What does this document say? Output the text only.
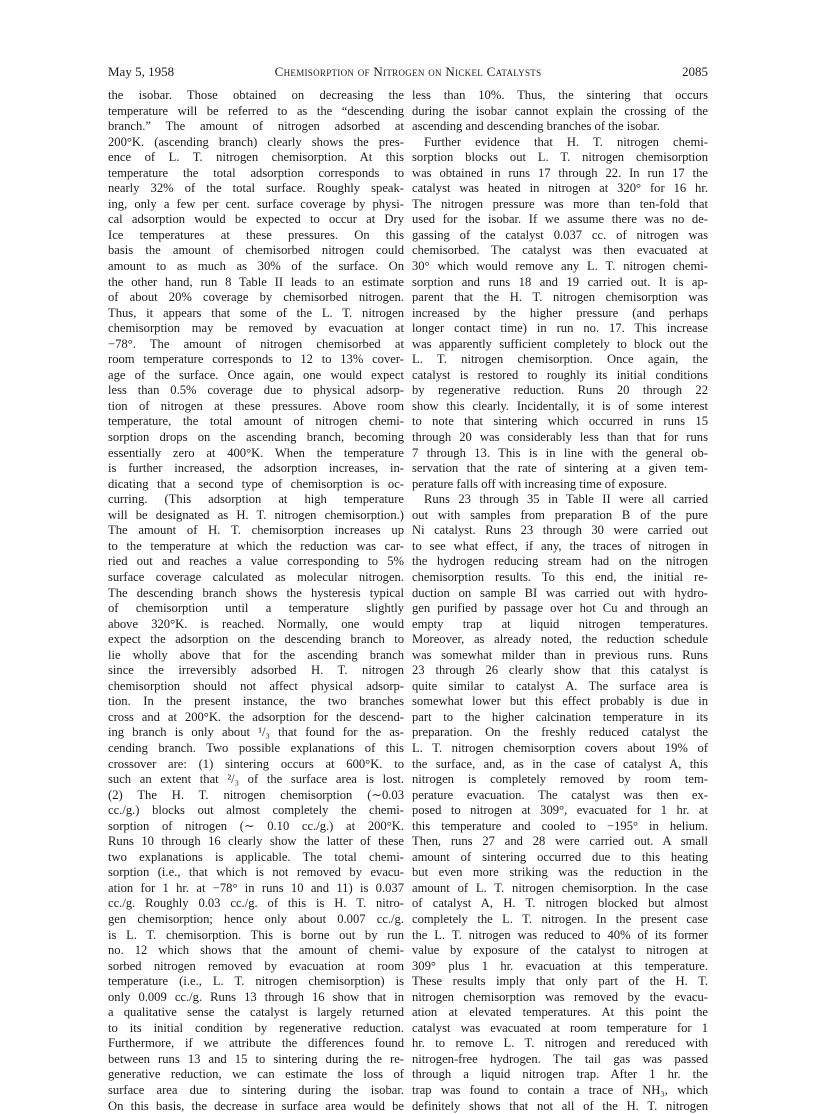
May 5, 1958	Chemisorption of Nitrogen on Nickel Catalysts	2085
the isobar. Those obtained on decreasing the
temperature will be referred to as the “descending
branch.” The amount of nitrogen adsorbed at
200°K. (ascending branch) clearly shows the pres-
ence of L. T. nitrogen chemisorption. At this
temperature the total adsorption corresponds to
nearly 32% of the total surface. Roughly speak-
ing, only a few per cent. surface coverage by physi-
cal adsorption would be expected to occur at Dry
Ice temperatures at these pressures. On this
basis the amount of chemisorbed nitrogen could
amount to as much as 30% of the surface. On
the other hand, run 8 Table II leads to an estimate
of about 20% coverage by chemisorbed nitrogen.
Thus, it appears that some of the L. T. nitrogen
chemisorption may be removed by evacuation at
−78°. The amount of nitrogen chemisorbed at
room temperature corresponds to 12 to 13% cover-
age of the surface. Once again, one would expect
less than 0.5% coverage due to physical adsorp-
tion of nitrogen at these pressures. Above room
temperature, the total amount of nitrogen chemi-
sorption drops on the ascending branch, becoming
essentially zero at 400°K. When the temperature
is further increased, the adsorption increases, in-
dicating that a second type of chemisorption is oc-
curring. (This adsorption at high temperature
will be designated as H. T. nitrogen chemisorption.)
The amount of H. T. chemisorption increases up
to the temperature at which the reduction was car-
ried out and reaches a value corresponding to 5%
surface coverage calculated as molecular nitrogen.
The descending branch shows the hysteresis typical
of chemisorption until a temperature slightly
above 320°K. is reached. Normally, one would
expect the adsorption on the descending branch to
lie wholly above that for the ascending branch
since the irreversibly adsorbed H. T. nitrogen
chemisorption should not affect physical adsorp-
tion. In the present instance, the two branches
cross and at 200°K. the adsorption for the descend-
ing branch is only about ¹/₃ that found for the as-
cending branch. Two possible explanations of this
crossover are: (1) sintering occurs at 600°K. to
such an extent that ²/₃ of the surface area is lost.
(2) The H. T. nitrogen chemisorption (∼0.03
cc./g.) blocks out almost completely the chemi-
sorption of nitrogen (∼ 0.10 cc./g.) at 200°K.
Runs 10 through 16 clearly show the latter of these
two explanations is applicable. The total chemi-
sorption (i.e., that which is not removed by evacu-
ation for 1 hr. at −78° in runs 10 and 11) is 0.037
cc./g. Roughly 0.03 cc./g. of this is H. T. nitro-
gen chemisorption; hence only about 0.007 cc./g.
is L. T. chemisorption. This is borne out by run
no. 12 which shows that the amount of chemi-
sorbed nitrogen removed by evacuation at room
temperature (i.e., L. T. nitrogen chemisorption) is
only 0.009 cc./g. Runs 13 through 16 show that in
a qualitative sense the catalyst is largely returned
to its initial condition by regenerative reduction.
Furthermore, if we attribute the differences found
between runs 13 and 15 to sintering during the re-
generative reduction, we can estimate the loss of
surface area due to sintering during the isobar.
On this basis, the decrease in surface area would be
less than 10%. Thus, the sintering that occurs
during the isobar cannot explain the crossing of the
ascending and descending branches of the isobar.
Further evidence that H. T. nitrogen chemi-
sorption blocks out L. T. nitrogen chemisorption
was obtained in runs 17 through 22. In run 17 the
catalyst was heated in nitrogen at 320° for 16 hr.
The nitrogen pressure was more than ten-fold that
used for the isobar. If we assume there was no de-
gassing of the catalyst 0.037 cc. of nitrogen was
chemisorbed. The catalyst was then evacuated at
30° which would remove any L. T. nitrogen chemi-
sorption and runs 18 and 19 carried out. It is ap-
parent that the H. T. nitrogen chemisorption was
increased by the higher pressure (and perhaps
longer contact time) in run no. 17. This increase
was apparently sufficient completely to block out the
L. T. nitrogen chemisorption. Once again, the
catalyst is restored to roughly its initial conditions
by regenerative reduction. Runs 20 through 22
show this clearly. Incidentally, it is of some interest
to note that sintering which occurred in runs 15
through 20 was considerably less than that for runs
7 through 13. This is in line with the general ob-
servation that the rate of sintering at a given tem-
perature falls off with increasing time of exposure.
Runs 23 through 35 in Table II were all carried
out with samples from preparation B of the pure
Ni catalyst. Runs 23 through 30 were carried out
to see what effect, if any, the traces of nitrogen in
the hydrogen reducing stream had on the nitrogen
chemisorption results. To this end, the initial re-
duction on sample BI was carried out with hydro-
gen purified by passage over hot Cu and through an
empty trap at liquid nitrogen temperatures.
Moreover, as already noted, the reduction schedule
was somewhat milder than in previous runs. Runs
23 through 26 clearly show that this catalyst is
quite similar to catalyst A. The surface area is
somewhat lower but this effect probably is due in
part to the higher calcination temperature in its
preparation. On the freshly reduced catalyst the
L. T. nitrogen chemisorption covers about 19% of
the surface, and, as in the case of catalyst A, this
nitrogen is completely removed by room tem-
perature evacuation. The catalyst was then ex-
posed to nitrogen at 309°, evacuated for 1 hr. at
this temperature and cooled to −195° in helium.
Then, runs 27 and 28 were carried out. A small
amount of sintering occurred due to this heating
but even more striking was the reduction in the
amount of L. T. nitrogen chemisorption. In the case
of catalyst A, H. T. nitrogen blocked but almost
completely the L. T. nitrogen. In the present case
the L. T. nitrogen was reduced to 40% of its former
value by exposure of the catalyst to nitrogen at
309° plus 1 hr. evacuation at this temperature.
These results imply that only part of the H. T.
nitrogen chemisorption was removed by the evacu-
ation at elevated temperatures. At this point the
catalyst was evacuated at room temperature for 1
hr. to remove L. T. nitrogen and rereduced with
nitrogen-free hydrogen. The tail gas was passed
through a liquid nitrogen trap. After 1 hr. the
trap was found to contain a trace of NH₃, which
definitely shows that not all of the H. T. nitrogen
